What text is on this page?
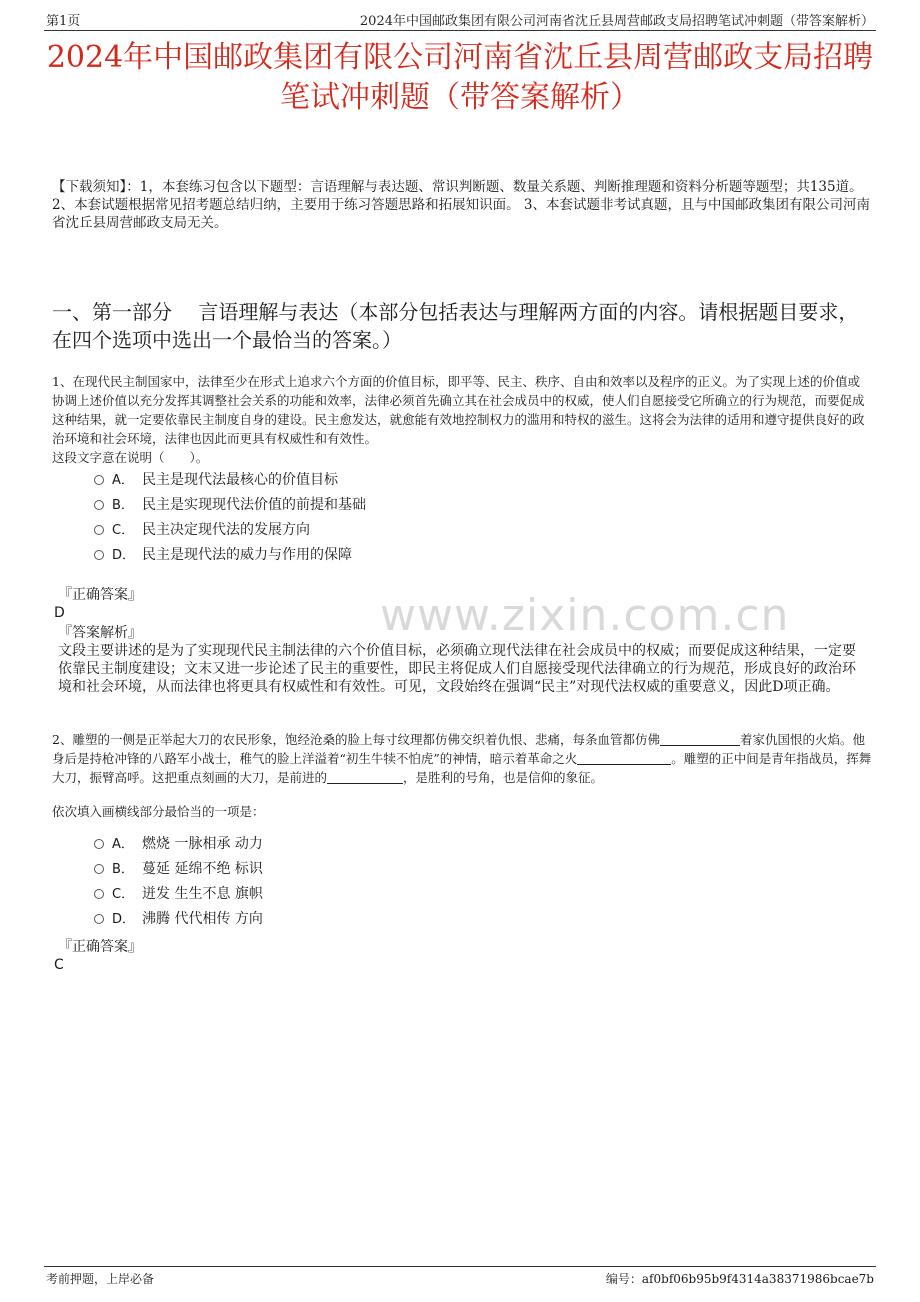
第1页	2024年中国邮政集团有限公司河南省沈丘县周营邮政支局招聘笔试冲刺题（带答案解析）
2024年中国邮政集团有限公司河南省沈丘县周营邮政支局招聘
笔试冲刺题（带答案解析）
【下载须知】：1，本套练习包含以下题型：言语理解与表达题、常识判断题、数量关系题、判断推理题和资料分析题等题型；共135道。 2、本套试题根据常见招考题总结归纳，主要用于练习答题思路和拓展知识面。 3、本套试题非考试真题，且与中国邮政集团有限公司河南省沈丘县周营邮政支局无关。
一、第一部分　 言语理解与表达（本部分包括表达与理解两方面的内容。请根据题目要求，在四个选项中选出一个最恰当的答案。）
www.zixin.com.cn
1、在现代民主制国家中，法律至少在形式上追求六个方面的价值目标，即平等、民主、秩序、自由和效率以及程序的正义。为了实现上述的价值或协调上述价值以充分发挥其调整社会关系的功能和效率，法律必须首先确立其在社会成员中的权威，使人们自愿接受它所确立的行为规范，而要促成这种结果，就一定要依靠民主制度自身的建设。民主愈发达，就愈能有效地控制权力的滥用和特权的滋生。这将会为法律的适用和遵守提供良好的政治环境和社会环境，法律也因此而更具有权威性和有效性。
这段文字意在说明（　　）。
A． 民主是现代法最核心的价值目标
B． 民主是实现现代法价值的前提和基础
C． 民主决定现代法的发展方向
D． 民主是现代法的威力与作用的保障
『正确答案』
D
『答案解析』
文段主要讲述的是为了实现现代民主制法律的六个价值目标，必须确立现代法律在社会成员中的权威；而要促成这种结果，一定要依靠民主制度建设；文末又进一步论述了民主的重要性，即民主将促成人们自愿接受现代法律确立的行为规范，形成良好的政治环境和社会环境，从而法律也将更具有权威性和有效性。可见，文段始终在强调“民主”对现代法权威的重要意义，因此D项正确。
2、雕塑的一侧是正举起大刀的农民形象，饱经沧桑的脸上每寸纹理都仿佛交织着仇恨、悲痛，每条血管都仿佛	着家仇国恨的火焰。他身后是持枪冲锋的八路军小战士，稚气的脸上洋溢着“初生牛犊不怕虎”的神情，暗示着革命之火	。雕塑的正中间是青年指战员，挥舞大刀，振臂高呼。这把重点刻画的大刀，是前进的	，是胜利的号角，也是信仰的象征。
依次填入画横线部分最恰当的一项是：
A． 燃烧 一脉相承 动力
B． 蔓延 延绵不绝 标识
C． 迸发 生生不息 旗帜
D． 沸腾 代代相传 方向
『正确答案』
C
考前押题，上岸必备	编号：af0bf06b95b9f4314a38371986bcae7b
